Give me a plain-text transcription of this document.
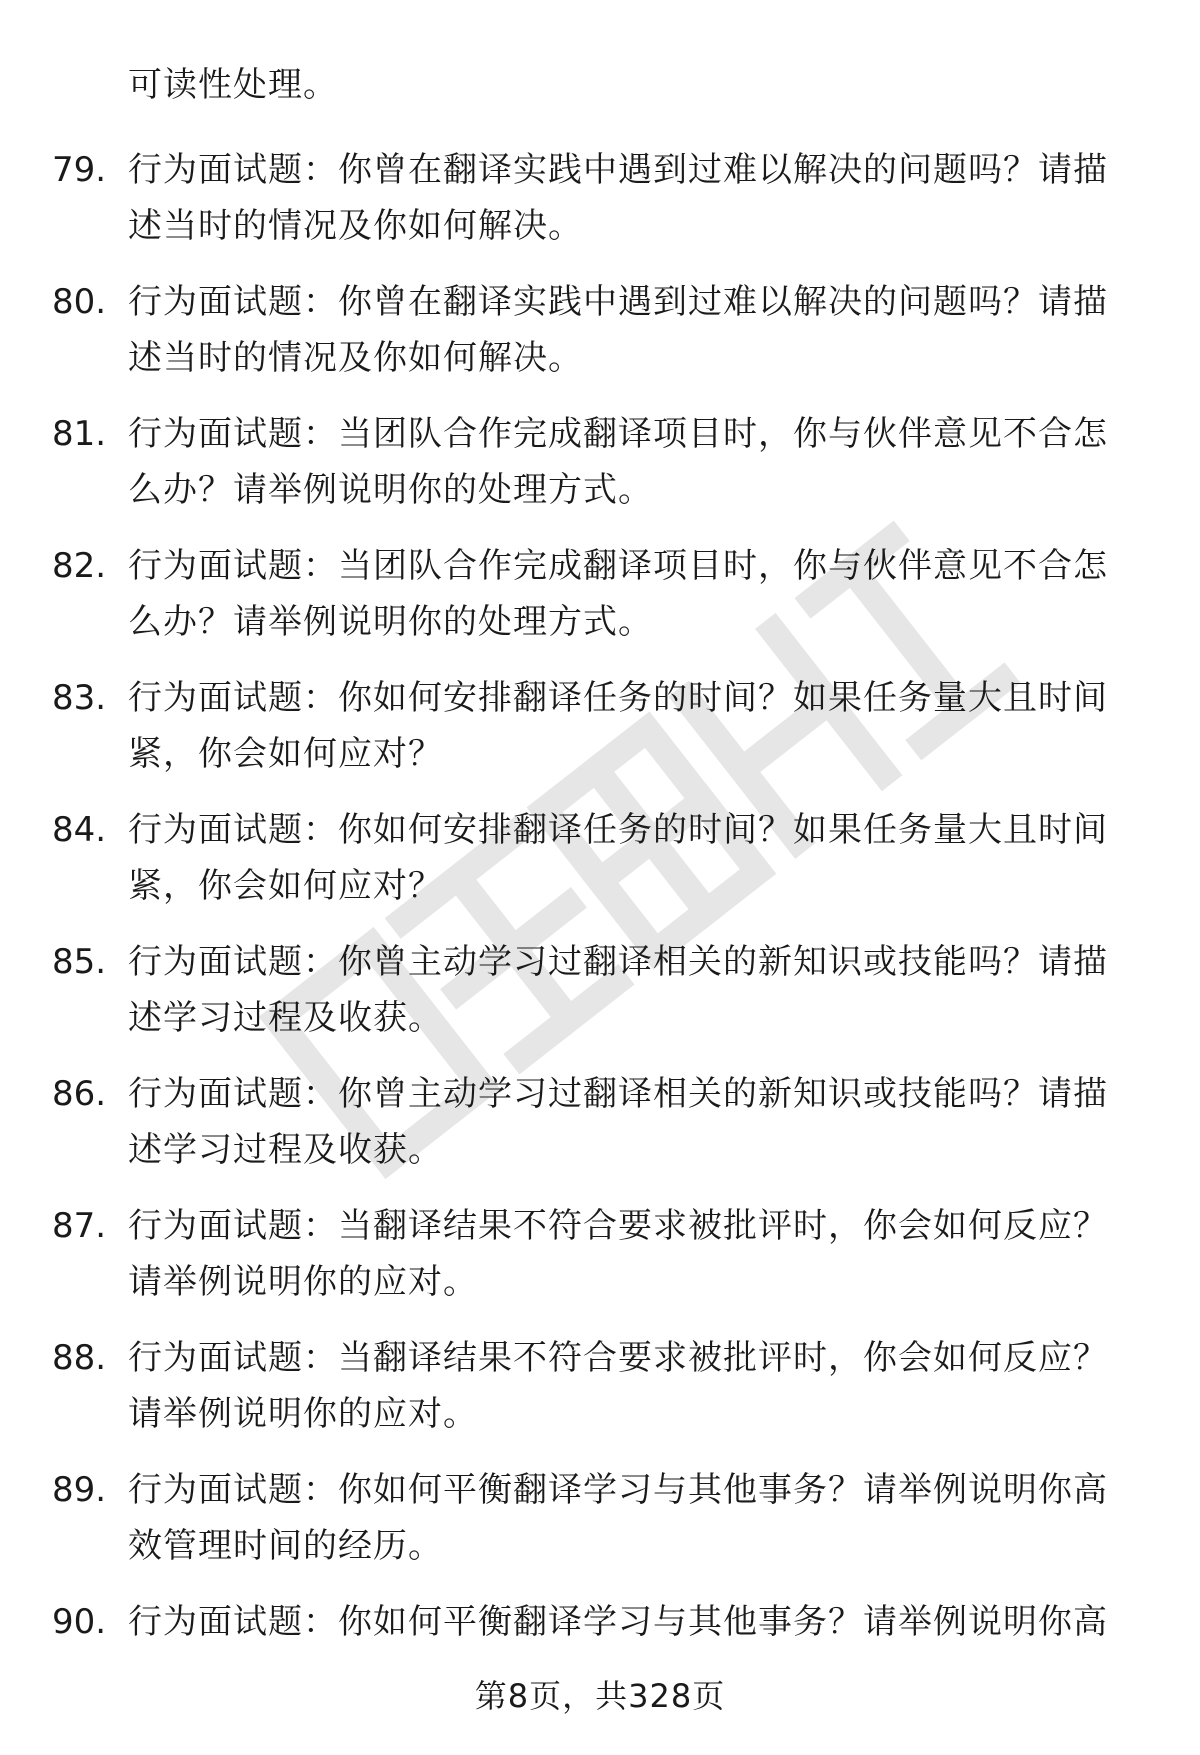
可读性处理。
79. 行为面试题：你曾在翻译实践中遇到过难以解决的问题吗？请描
述当时的情况及你如何解决。
80. 行为面试题：你曾在翻译实践中遇到过难以解决的问题吗？请描
述当时的情况及你如何解决。
81. 行为面试题：当团队合作完成翻译项目时，你与伙伴意见不合怎
么办？请举例说明你的处理方式。
82. 行为面试题：当团队合作完成翻译项目时，你与伙伴意见不合怎
么办？请举例说明你的处理方式。
83. 行为面试题：你如何安排翻译任务的时间？如果任务量大且时间
紧，你会如何应对？
84. 行为面试题：你如何安排翻译任务的时间？如果任务量大且时间
紧，你会如何应对？
85. 行为面试题：你曾主动学习过翻译相关的新知识或技能吗？请描
述学习过程及收获。
86. 行为面试题：你曾主动学习过翻译相关的新知识或技能吗？请描
述学习过程及收获。
87. 行为面试题：当翻译结果不符合要求被批评时，你会如何反应？
请举例说明你的应对。
88. 行为面试题：当翻译结果不符合要求被批评时，你会如何反应？
请举例说明你的应对。
89. 行为面试题：你如何平衡翻译学习与其他事务？请举例说明你高
效管理时间的经历。
90. 行为面试题：你如何平衡翻译学习与其他事务？请举例说明你高
第8页，共328页
